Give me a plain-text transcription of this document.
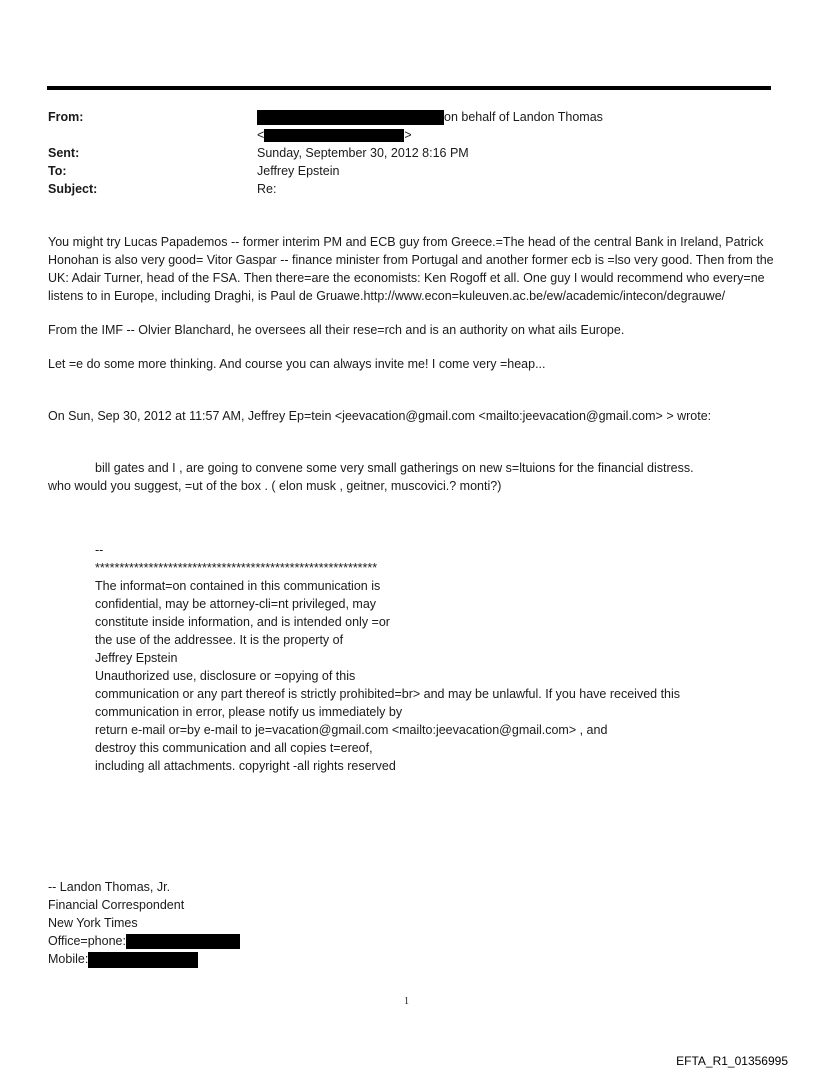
From:	on behalf of Landon Thomas
<	>
Sent:	Sunday, September 30, 2012 8:16 PM
To:	Jeffrey Epstein
Subject:	Re:

You might try Lucas Papademos -- former interim PM and ECB guy from Greece.=The head of the central Bank in Ireland, Patrick Honohan is also very good= Vitor Gaspar -- finance minister from Portugal and another former ecb is =lso very good. Then from the UK: Adair Turner, head of the FSA. Then there=are the economists: Ken Rogoff et all. One guy I would recommend who every=ne listens to in Europe, including Draghi, is Paul de Gruawe.http://www.econ=kuleuven.ac.be/ew/academic/intecon/degrauwe/

From the IMF -- Olvier Blanchard, he oversees all their rese=rch and is an authority on what ails Europe.

Let =e do some more thinking. And course you can always invite me! I come very =heap...

On Sun, Sep 30, 2012 at 11:57 AM, Jeffrey Ep=tein <jeevacation@gmail.com <mailto:jeevacation@gmail.com> > wrote:

bill gates and I , are going to convene some very small gatherings on new s=ltuions for the financial distress.
who would you suggest, =ut of the box . ( elon musk , geitner, muscovici.? monti?)
--
**********************************************************
The informat=on contained in this communication is
confidential, may be attorney-cli=nt privileged, may
constitute inside information, and is intended only =or
the use of the addressee. It is the property of
Jeffrey Epstein
Unauthorized use, disclosure or =opying of this
communication or any part thereof is strictly prohibited=br> and may be unlawful. If you have received this
communication in error, please notify us immediately by
return e-mail or=by e-mail to je=vacation@gmail.com <mailto:jeevacation@gmail.com> , and
destroy this communication and all copies t=ereof,
including all attachments. copyright -all rights reserved
-- Landon Thomas, Jr.
Financial Correspondent
New York Times
Office=phone:
Mobile:
1
EFTA_R1_01356995
